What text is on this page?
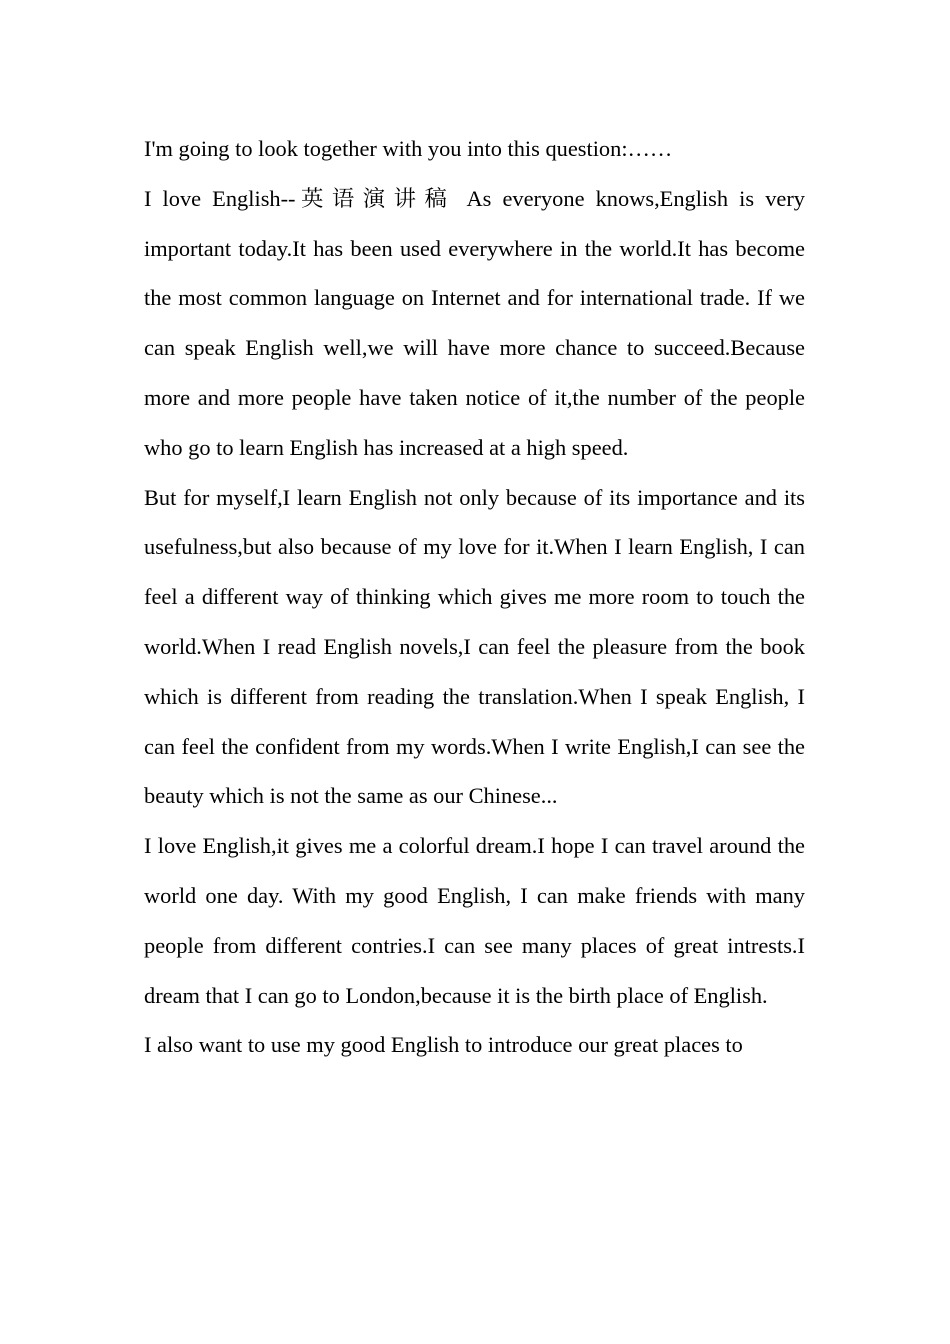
I'm going to look together with you into this question:……

I love English--英语演讲稿 As everyone knows,English is very important today.It has been used everywhere in the world.It has become the most common language on Internet and for international trade. If we can speak English well,we will have more chance to succeed.Because more and more people have taken notice of it,the number of the people who go to learn English has increased at a high speed.

But for myself,I learn English not only because of its importance and its usefulness,but also because of my love for it.When I learn English, I can feel a different way of thinking which gives me more room to touch the world.When I read English novels,I can feel the pleasure from the book which is different from reading the translation.When I speak English, I can feel the confident from my words.When I write English,I can see the beauty which is not the same as our Chinese...

I love English,it gives me a colorful dream.I hope I can travel around the world one day. With my good English, I can make friends with many people from different contries.I can see many places of great intrests.I dream that I can go to London,because it is the birth place of English.

I also want to use my good English to introduce our great places to
